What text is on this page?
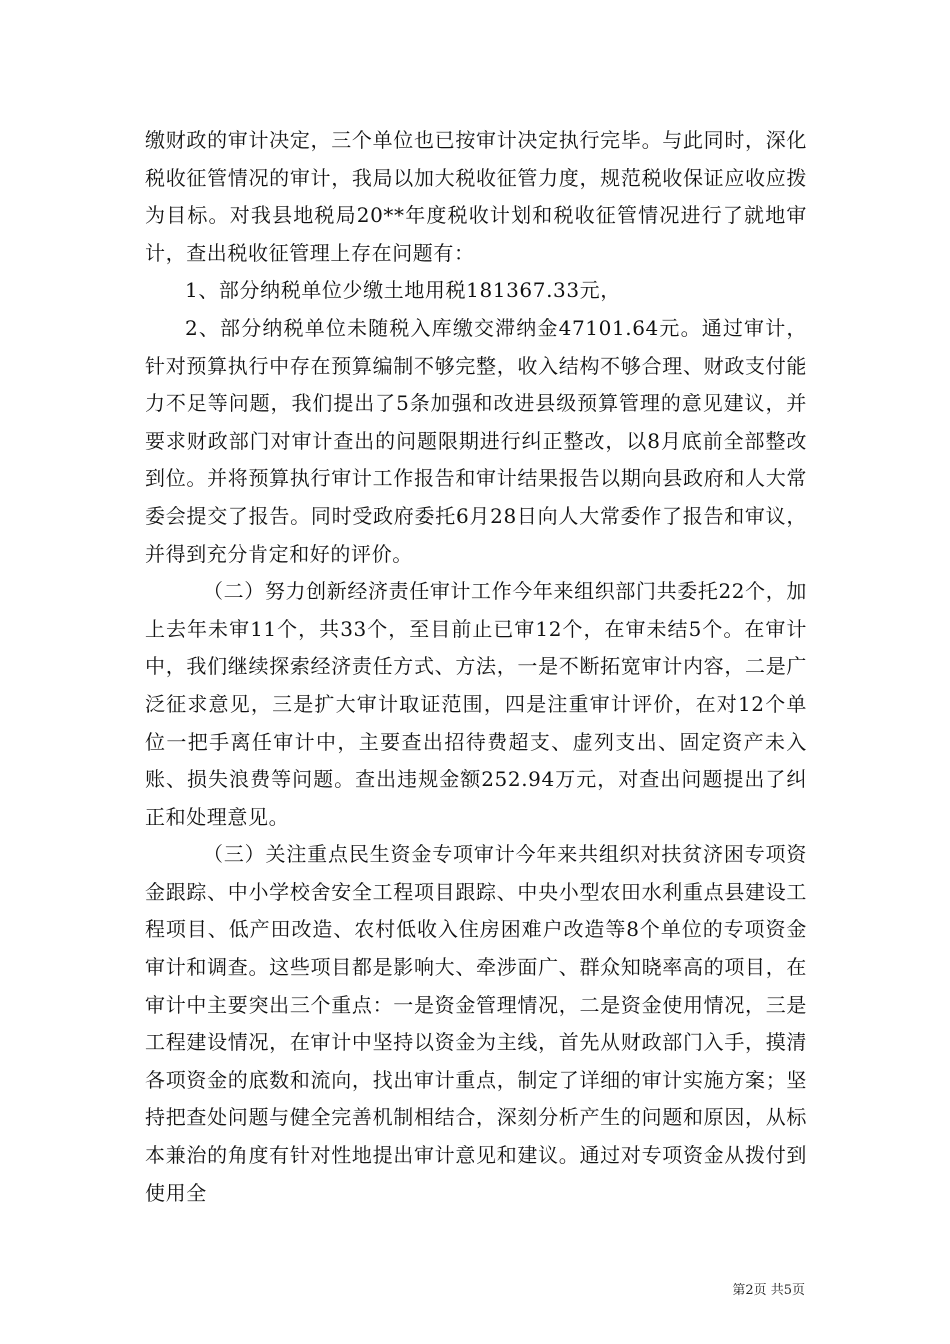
缴财政的审计决定，三个单位也已按审计决定执行完毕。与此同时，深化税收征管情况的审计，我局以加大税收征管力度，规范税收保证应收应拨为目标。对我县地税局20**年度税收计划和税收征管情况进行了就地审计，查出税收征管理上存在问题有：

1、部分纳税单位少缴土地用税181367.33元，

2、部分纳税单位未随税入库缴交滞纳金47101.64元。通过审计，针对预算执行中存在预算编制不够完整，收入结构不够合理、财政支付能力不足等问题，我们提出了5条加强和改进县级预算管理的意见建议，并要求财政部门对审计查出的问题限期进行纠正整改，以8月底前全部整改到位。并将预算执行审计工作报告和审计结果报告以期向县政府和人大常委会提交了报告。同时受政府委托6月28日向人大常委作了报告和审议，并得到充分肯定和好的评价。

（二）努力创新经济责任审计工作今年来组织部门共委托22个，加上去年未审11个，共33个，至目前止已审12个，在审未结5个。在审计中，我们继续探索经济责任方式、方法，一是不断拓宽审计内容，二是广泛征求意见，三是扩大审计取证范围，四是注重审计评价，在对12个单位一把手离任审计中，主要查出招待费超支、虚列支出、固定资产未入账、损失浪费等问题。查出违规金额252.94万元，对查出问题提出了纠正和处理意见。

（三）关注重点民生资金专项审计今年来共组织对扶贫济困专项资金跟踪、中小学校舍安全工程项目跟踪、中央小型农田水利重点县建设工程项目、低产田改造、农村低收入住房困难户改造等8个单位的专项资金审计和调查。这些项目都是影响大、牵涉面广、群众知晓率高的项目，在审计中主要突出三个重点：一是资金管理情况，二是资金使用情况，三是工程建设情况，在审计中坚持以资金为主线，首先从财政部门入手，摸清各项资金的底数和流向，找出审计重点，制定了详细的审计实施方案；坚持把查处问题与健全完善机制相结合，深刻分析产生的问题和原因，从标本兼治的角度有针对性地提出审计意见和建议。通过对专项资金从拨付到使用全

第2页 共5页
